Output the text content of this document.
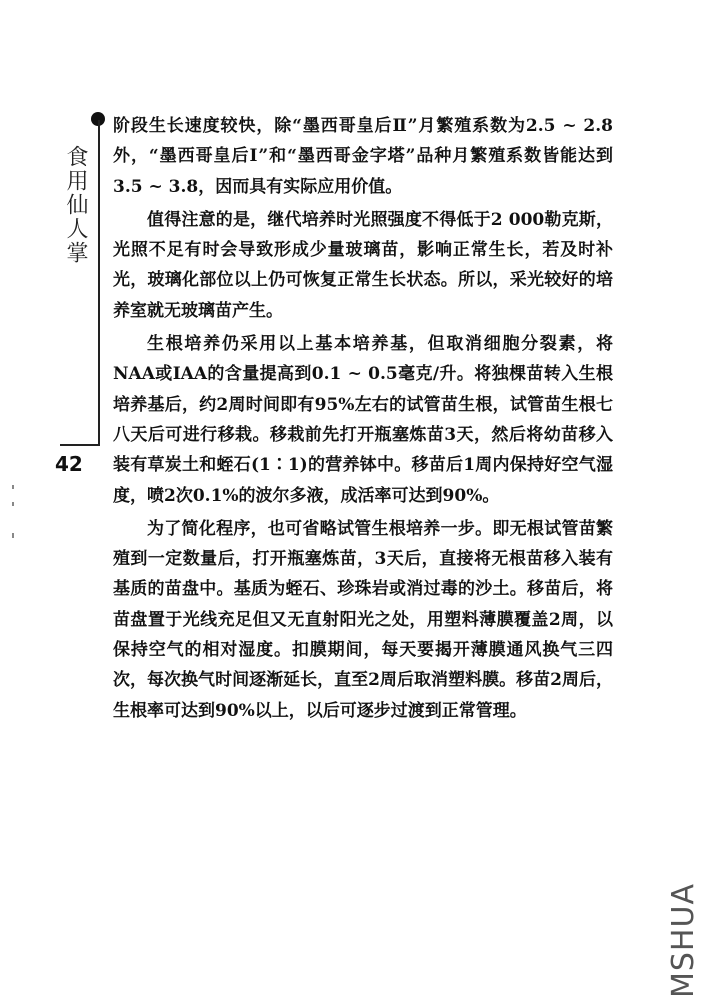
食用仙人掌
42

阶段生长速度较快，除“墨西哥皇后Ⅱ”月繁殖系数为2.5 ~ 2.8外，“墨西哥皇后Ⅰ”和“墨西哥金字塔”品种月繁殖系数皆能达到3.5 ~ 3.8，因而具有实际应用价值。

值得注意的是，继代培养时光照强度不得低于2 000勒克斯，光照不足有时会导致形成少量玻璃苗，影响正常生长，若及时补光，玻璃化部位以上仍可恢复正常生长状态。所以，采光较好的培养室就无玻璃苗产生。

生根培养仍采用以上基本培养基，但取消细胞分裂素，将NAA或IAA的含量提高到0.1 ~ 0.5毫克/升。将独棵苗转入生根培养基后，约2周时间即有95%左右的试管苗生根，试管苗生根七八天后可进行移栽。移栽前先打开瓶塞炼苗3天，然后将幼苗移入装有草炭土和蛭石(1∶1)的营养钵中。移苗后1周内保持好空气湿度，喷2次0.1%的波尔多液，成活率可达到90%。

为了简化程序，也可省略试管生根培养一步。即无根试管苗繁殖到一定数量后，打开瓶塞炼苗，3天后，直接将无根苗移入装有基质的苗盘中。基质为蛭石、珍珠岩或消过毒的沙土。移苗后，将苗盘置于光线充足但又无直射阳光之处，用塑料薄膜覆盖2周，以保持空气的相对湿度。扣膜期间，每天要揭开薄膜通风换气三四次，每次换气时间逐渐延长，直至2周后取消塑料膜。移苗2周后，生根率可达到90%以上，以后可逐步过渡到正常管理。

MSHUA
